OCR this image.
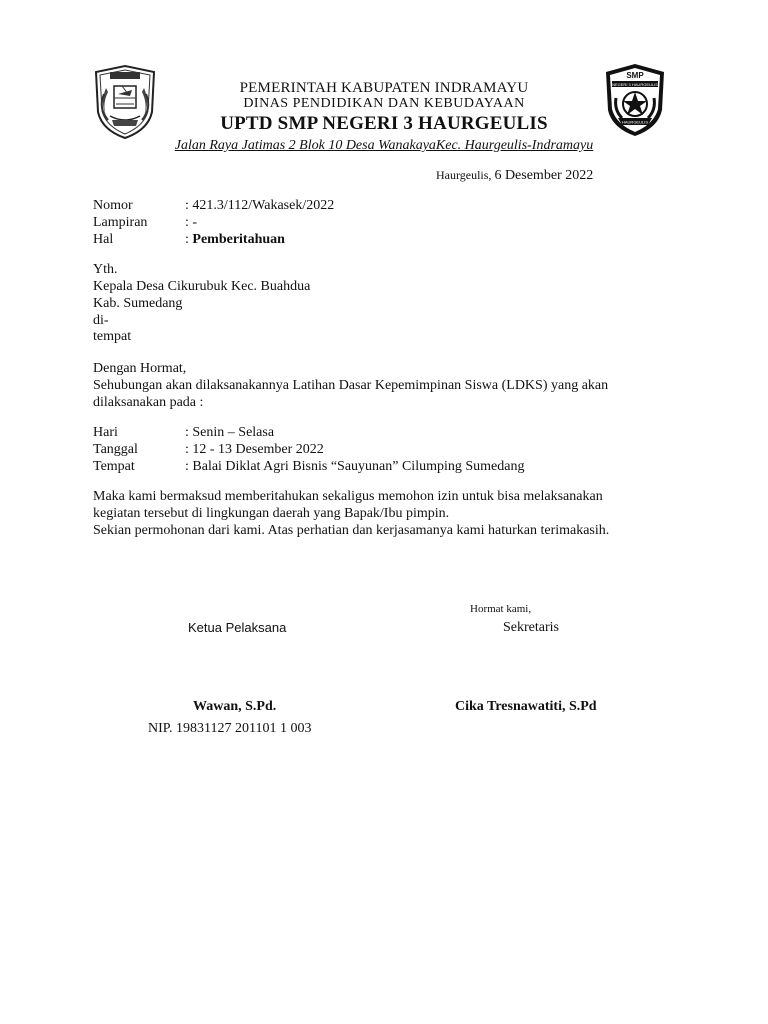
SMP
NEGERI 3 HAURGEULIS
HAURGEULIS
PEMERINTAH KABUPATEN INDRAMAYU
DINAS PENDIDIKAN DAN KEBUDAYAAN
UPTD SMP NEGERI 3 HAURGEULIS
Jalan Raya Jatimas 2 Blok 10 Desa WanakayaKec. Haurgeulis-Indramayu
Haurgeulis, 6 Desember 2022
Nomor	: 421.3/112/Wakasek/2022
Lampiran	: -
Hal	: Pemberitahuan
Yth.
Kepala Desa Cikurubuk Kec. Buahdua
Kab. Sumedang
di-
tempat
Dengan Hormat,
Sehubungan akan dilaksanakannya Latihan Dasar Kepemimpinan Siswa (LDKS) yang akan
dilaksanakan pada :
Hari	: Senin – Selasa
Tanggal	: 12 - 13 Desember 2022
Tempat	: Balai Diklat Agri Bisnis “Sauyunan” Cilumping Sumedang
Maka kami bermaksud memberitahukan sekaligus memohon izin untuk bisa melaksanakan
kegiatan tersebut di lingkungan daerah yang Bapak/Ibu pimpin.
Sekian permohonan dari kami. Atas perhatian dan kerjasamanya kami haturkan terimakasih.
Hormat kami,
Ketua Pelaksana	Sekretaris
Wawan, S.Pd.	Cika Tresnawatiti, S.Pd
NIP. 19831127 201101 1 003
